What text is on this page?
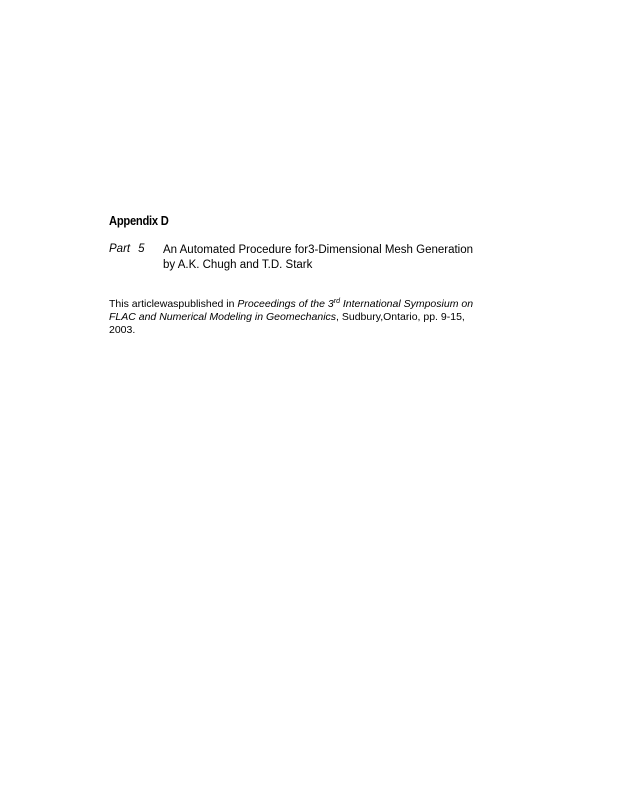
Appendix D
Part 5 An Automated Procedure for3-Dimensional Mesh Generation
by A.K. Chugh and T.D. Stark
This articlewaspublished in Proceedings of the 3rd International Symposium on
FLAC and Numerical Modeling in Geomechanics, Sudbury,Ontario, pp. 9-15,
2003.
